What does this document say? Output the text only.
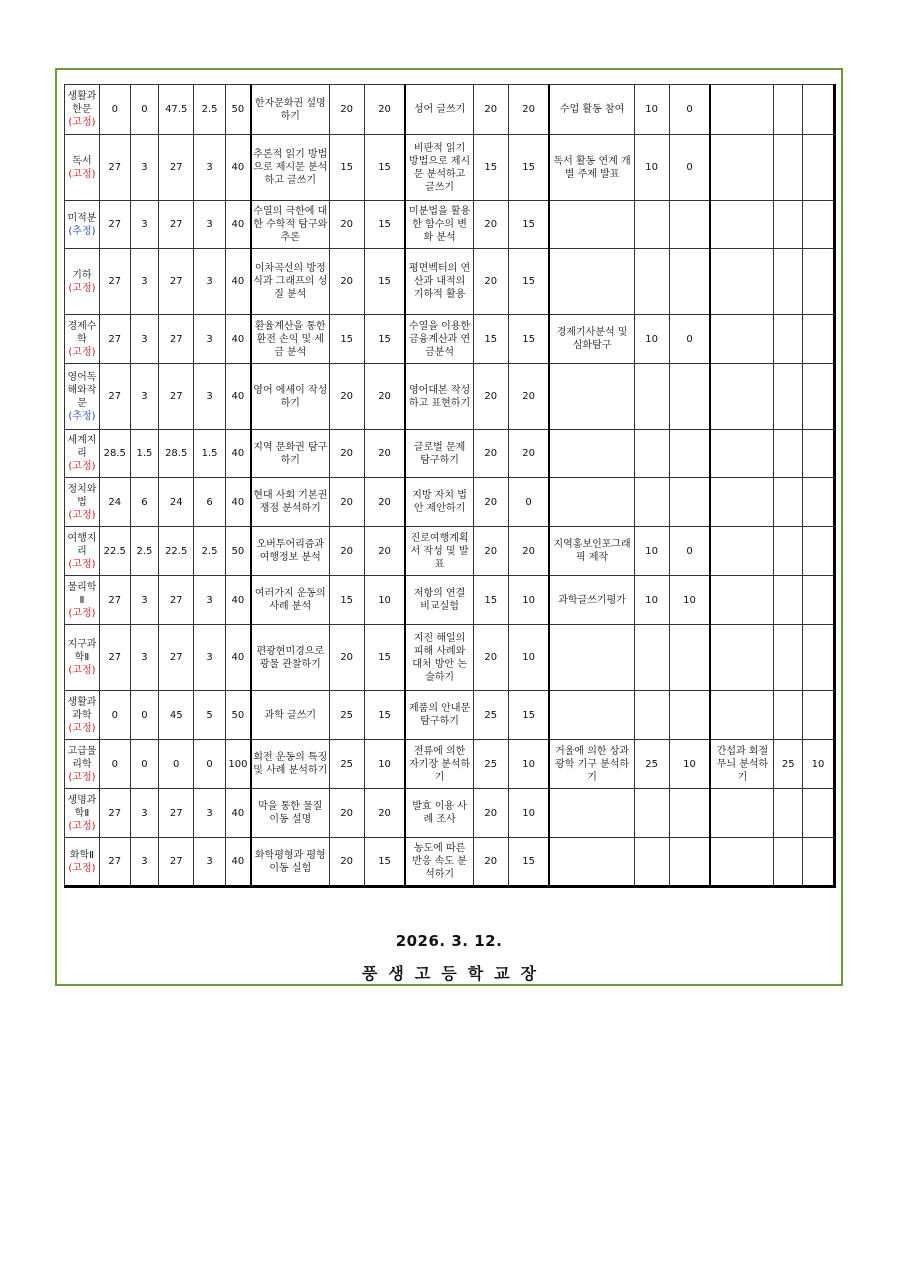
생활과
한문
(고정)	0	0	47.5	2.5	50	한자문화권 설명하기	20	20	성어 글쓰기	20	20	수업 활동 참여	10	0			
독서
(고정)	27	3	27	3	40	추론적 읽기 방법으로 제시문 분석하고 글쓰기	15	15	비판적 읽기 방법으로 제시문 분석하고 글쓰기	15	15	독서 활동 연계 개별 주제 발표	10	0			
미적분
(추정)	27	3	27	3	40	수열의 극한에 대한 수학적 탐구와 추론	20	15	미분법을 활용한 함수의 변화 분석	20	15						
기하
(고정)	27	3	27	3	40	이차곡선의 방정식과 그래프의 성질 분석	20	15	평면벡터의 연산과 내적의 기하적 활용	20	15						
경제수
학
(고정)	27	3	27	3	40	환율계산을 통한 환전 손익 및 세금 분석	15	15	수열을 이용한 금융계산과 연금분석	15	15	경제기사분석 및 심화탐구	10	0			
영어독
해와작
문
(추정)	27	3	27	3	40	영어 에세이 작성하기	20	20	영어대본 작성하고 표현하기	20	20						
세계지
리
(고정)	28.5	1.5	28.5	1.5	40	지역 문화권 탐구하기	20	20	글로벌 문제 탐구하기	20	20						
정치와
법
(고정)	24	6	24	6	40	현대 사회 기본권 쟁점 분석하기	20	20	지방 자치 법안 제안하기	20	0						
여행지
리
(고정)	22.5	2.5	22.5	2.5	50	오버투어리즘과 여행정보 분석	20	20	진로여행계획서 작성 및 발표	20	20	지역홍보인포그래픽 제작	10	0			
물리학
Ⅱ
(고정)	27	3	27	3	40	여러가지 운동의 사례 분석	15	10	저항의 연결 비교실험	15	10	과학글쓰기평가	10	10			
지구과
학Ⅱ
(고정)	27	3	27	3	40	편광현미경으로 광물 관찰하기	20	15	지진 해일의 피해 사례와 대처 방안 논술하기	20	10						
생활과
과학
(고정)	0	0	45	5	50	과학 글쓰기	25	15	제품의 안내문 탐구하기	25	15						
고급물
리학
(고정)	0	0	0	0	100	회전 운동의 특징 및 사례 분석하기	25	10	전류에 의한 자기장 분석하기	25	10	거울에 의한 상과 광학 기구 분석하기	25	10	간섭과 회절 무늬 분석하기	25	10
생명과
학Ⅱ
(고정)	27	3	27	3	40	막을 통한 물질 이동 설명	20	20	발효 이용 사례 조사	20	10						
화학Ⅱ
(고정)	27	3	27	3	40	화학평형과 평형이동 실험	20	15	농도에 따른 반응 속도 분석하기	20	15						
2026. 3. 12.
풍생고등학교장
